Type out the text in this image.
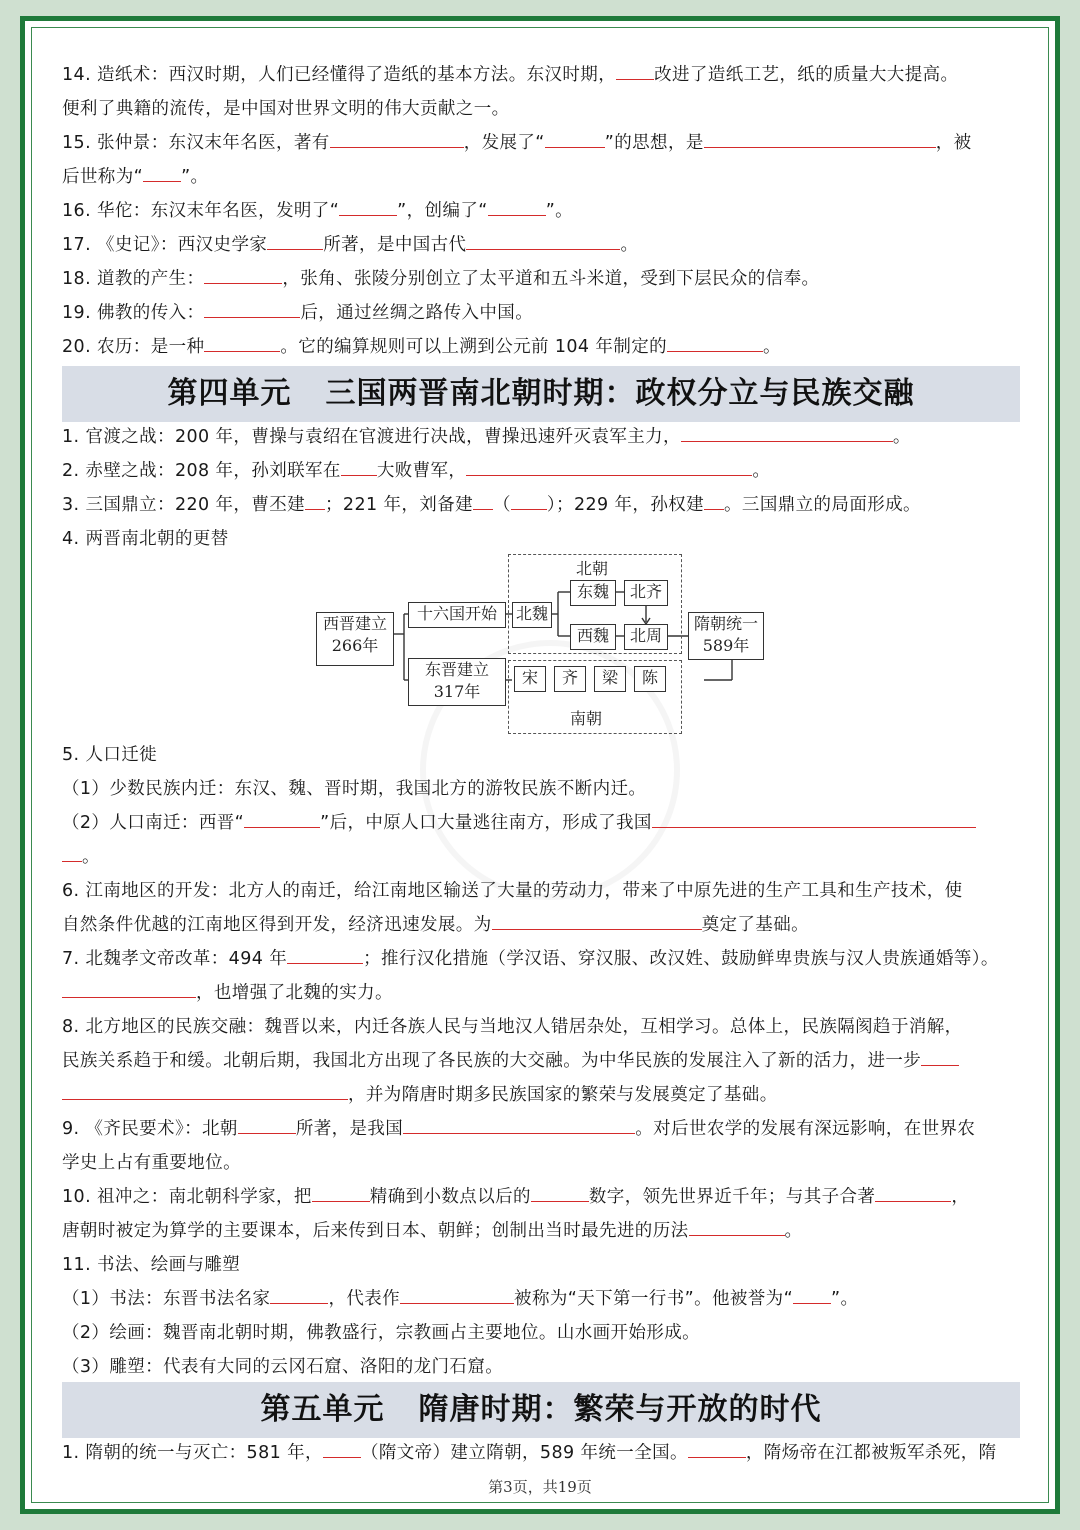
14. 造纸术：西汉时期，人们已经懂得了造纸的基本方法。东汉时期， 改进了造纸工艺，纸的质量大大提高。
便利了典籍的流传，是中国对世界文明的伟大贡献之一。
15. 张仲景：东汉末年名医，著有	，发展了“	”的思想，是	，被
后世称为“ ”。
16. 华佗：东汉末年名医，发明了“	”，创编了“	”。
17. 《史记》：西汉史学家	所著，是中国古代	。
18. 道教的产生：	，张角、张陵分别创立了太平道和五斗米道，受到下层民众的信奉。
19. 佛教的传入：	后，通过丝绸之路传入中国。
20. 农历：是一种	。它的编算规则可以上溯到公元前 104 年制定的	。
第四单元 三国两晋南北朝时期：政权分立与民族交融
1. 官渡之战：200 年，曹操与袁绍在官渡进行决战，曹操迅速歼灭袁军主力，	。
2. 赤壁之战：208 年，孙刘联军在 大败曹军，	。
3. 三国鼎立：220 年，曹丕建 ；221 年，刘备建 （ ）；229 年，孙权建 。三国鼎立的局面形成。
4. 两晋南北朝的更替
北朝
南朝
西晋建立
266年
十六国开始
东晋建立
317年
北魏
东魏	北齐
西魏	北周
隋朝统一
589年
宋	齐	梁	陈
5. 人口迁徙
（1）少数民族内迁：东汉、魏、晋时期，我国北方的游牧民族不断内迁。
（2）人口南迁：西晋“	”后，中原人口大量逃往南方，形成了我国
。
6. 江南地区的开发：北方人的南迁，给江南地区输送了大量的劳动力，带来了中原先进的生产工具和生产技术，使
自然条件优越的江南地区得到开发，经济迅速发展。为	奠定了基础。
7. 北魏孝文帝改革：494 年	；推行汉化措施（学汉语、穿汉服、改汉姓、鼓励鲜卑贵族与汉人贵族通婚等）。
，也增强了北魏的实力。
8. 北方地区的民族交融：魏晋以来，内迁各族人民与当地汉人错居杂处，互相学习。总体上，民族隔阂趋于消解，
民族关系趋于和缓。北朝后期，我国北方出现了各民族的大交融。为中华民族的发展注入了新的活力，进一步
，并为隋唐时期多民族国家的繁荣与发展奠定了基础。
9. 《齐民要术》：北朝	所著，是我国	。对后世农学的发展有深远影响，在世界农
学史上占有重要地位。
10. 祖冲之：南北朝科学家，把	精确到小数点以后的	数字，领先世界近千年；与其子合著	，
唐朝时被定为算学的主要课本，后来传到日本、朝鲜；创制出当时最先进的历法	。
11. 书法、绘画与雕塑
（1）书法：东晋书法名家	，代表作	被称为“天下第一行书”。他被誉为“ ”。
（2）绘画：魏晋南北朝时期，佛教盛行，宗教画占主要地位。山水画开始形成。
（3）雕塑：代表有大同的云冈石窟、洛阳的龙门石窟。
第五单元 隋唐时期：繁荣与开放的时代
1. 隋朝的统一与灭亡：581 年， （隋文帝）建立隋朝，589 年统一全国。	，隋炀帝在江都被叛军杀死，隋
第3页，共19页
